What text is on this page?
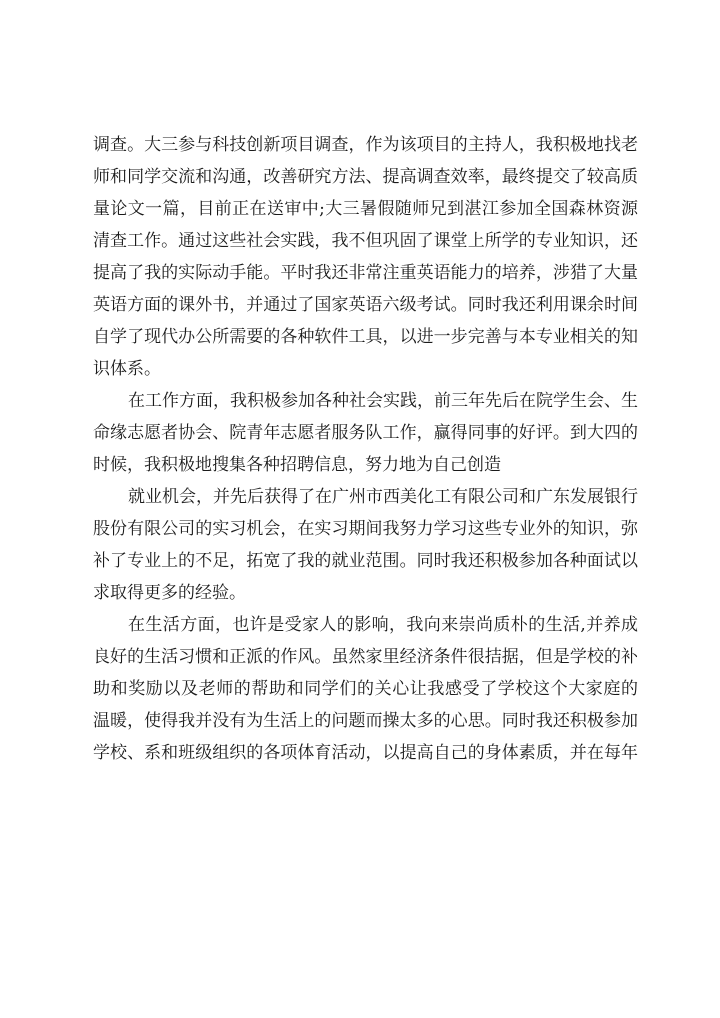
调查。大三参与科技创新项目调查，作为该项目的主持人，我积极地找老
师和同学交流和沟通，改善研究方法、提高调查效率，最终提交了较高质
量论文一篇，目前正在送审中;大三暑假随师兄到湛江参加全国森林资源
清查工作。通过这些社会实践，我不但巩固了课堂上所学的专业知识，还
提高了我的实际动手能。平时我还非常注重英语能力的培养，涉猎了大量
英语方面的课外书，并通过了国家英语六级考试。同时我还利用课余时间
自学了现代办公所需要的各种软件工具，以进一步完善与本专业相关的知
识体系。
在工作方面，我积极参加各种社会实践，前三年先后在院学生会、生
命缘志愿者协会、院青年志愿者服务队工作，赢得同事的好评。到大四的
时候，我积极地搜集各种招聘信息，努力地为自己创造
就业机会，并先后获得了在广州市西美化工有限公司和广东发展银行
股份有限公司的实习机会，在实习期间我努力学习这些专业外的知识，弥
补了专业上的不足，拓宽了我的就业范围。同时我还积极参加各种面试以
求取得更多的经验。
在生活方面，也许是受家人的影响，我向来崇尚质朴的生活,并养成
良好的生活习惯和正派的作风。虽然家里经济条件很拮据，但是学校的补
助和奖励以及老师的帮助和同学们的关心让我感受了学校这个大家庭的
温暖，使得我并没有为生活上的问题而操太多的心思。同时我还积极参加
学校、系和班级组织的各项体育活动，以提高自己的身体素质，并在每年
